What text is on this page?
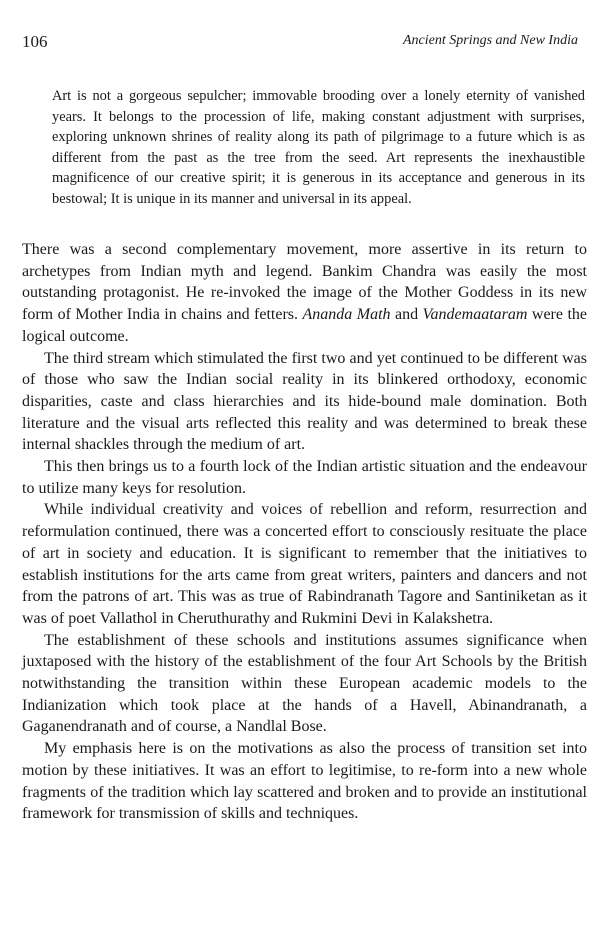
106	Ancient Springs and New India

Art is not a gorgeous sepulcher; immovable brooding over a lonely eternity of vanished years. It belongs to the procession of life, making constant adjustment with surprises, exploring unknown shrines of reality along its path of pilgrimage to a future which is as different from the past as the tree from the seed. Art represents the inexhaustible magnificence of our creative spirit; it is generous in its acceptance and generous in its bestowal; It is unique in its manner and universal in its appeal.

There was a second complementary movement, more assertive in its return to archetypes from Indian myth and legend. Bankim Chandra was easily the most outstanding protagonist. He re-invoked the image of the Mother Goddess in its new form of Mother India in chains and fetters. Ananda Math and Vandemaataram were the logical outcome.

The third stream which stimulated the first two and yet continued to be different was of those who saw the Indian social reality in its blinkered orthodoxy, economic disparities, caste and class hierarchies and its hide-bound male domination. Both literature and the visual arts reflected this reality and was determined to break these internal shackles through the medium of art.

This then brings us to a fourth lock of the Indian artistic situation and the endeavour to utilize many keys for resolution.

While individual creativity and voices of rebellion and reform, resurrection and reformulation continued, there was a concerted effort to consciously resituate the place of art in society and education. It is significant to remember that the initiatives to establish institutions for the arts came from great writers, painters and dancers and not from the patrons of art. This was as true of Rabindranath Tagore and Santiniketan as it was of poet Vallathol in Cheruthurathy and Rukmini Devi in Kalakshetra.

The establishment of these schools and institutions assumes significance when juxtaposed with the history of the establishment of the four Art Schools by the British notwithstanding the transition within these European academic models to the Indianization which took place at the hands of a Havell, Abinandranath, a Gaganendranath and of course, a Nandlal Bose.

My emphasis here is on the motivations as also the process of transition set into motion by these initiatives. It was an effort to legitimise, to re-form into a new whole fragments of the tradition which lay scattered and broken and to provide an institutional framework for transmission of skills and techniques.
